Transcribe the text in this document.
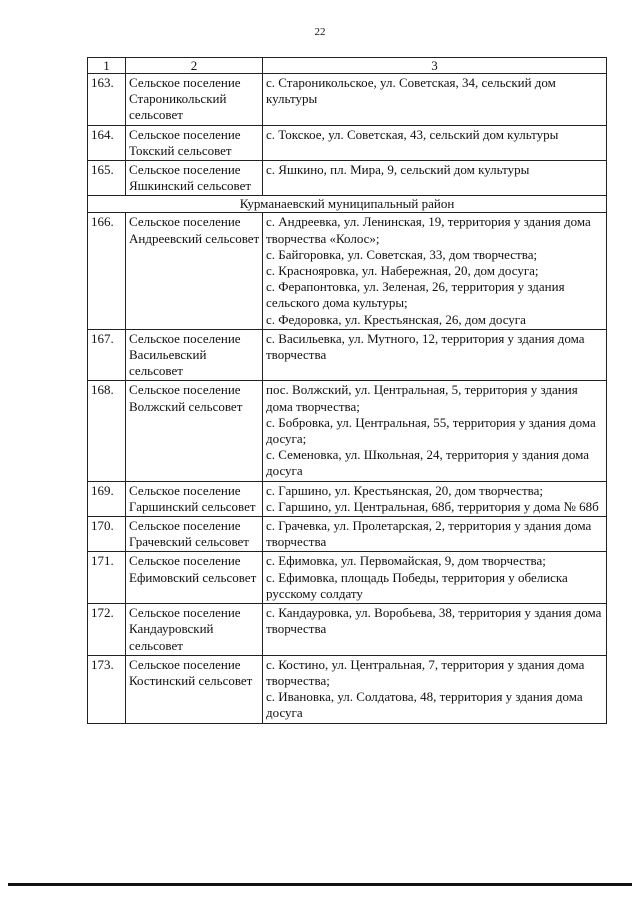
22
1	2	3
163.	Сельское поселение Староникольский сельсовет	с. Староникольское, ул. Советская, 34, сельский дом культуры

164.	Сельское поселение Токский сельсовет	с. Токское, ул. Советская, 43, сельский дом культуры

165.	Сельское поселение Яшкинский сельсовет	с. Яшкино, пл. Мира, 9, сельский дом культуры

Курманаевский муниципальный район		
166.	Сельское поселение Андреевский сельсовет	с. Андреевка, ул. Ленинская, 19, территория у здания дома творчества «Колос»;
с. Байгоровка, ул. Советская, 33, дом творчества;
с. Краснояровка, ул. Набережная, 20, дом досуга;
с. Ферапонтовка, ул. Зеленая, 26, территория у здания сельского дома культуры;
с. Федоровка, ул. Крестьянская, 26, дом досуга

167.	Сельское поселение Васильевский сельсовет	с. Васильевка, ул. Мутного, 12, территория у здания дома творчества

168.	Сельское поселение Волжский сельсовет	пос. Волжский, ул. Центральная, 5, территория у здания дома творчества;
с. Бобровка, ул. Центральная, 55, территория у здания дома досуга;
с. Семеновка, ул. Школьная, 24, территория у здания дома досуга

169.	Сельское поселение Гаршинский сельсовет	с. Гаршино, ул. Крестьянская, 20, дом творчества;
с. Гаршино, ул. Центральная, 68б, территория у дома № 68б

170.	Сельское поселение Грачевский сельсовет	с. Грачевка, ул. Пролетарская, 2, территория у здания дома творчества

171.	Сельское поселение Ефимовский сельсовет	с. Ефимовка, ул. Первомайская, 9, дом творчества;
с. Ефимовка, площадь Победы, территория у обелиска русскому солдату

172.	Сельское поселение Кандауровский сельсовет	с. Кандауровка, ул. Воробьева, 38, территория у здания дома творчества

173.	Сельское поселение Костинский сельсовет	с. Костино, ул. Центральная, 7, территория у здания дома творчества;
с. Ивановка, ул. Солдатова, 48, территория у здания дома досуга
